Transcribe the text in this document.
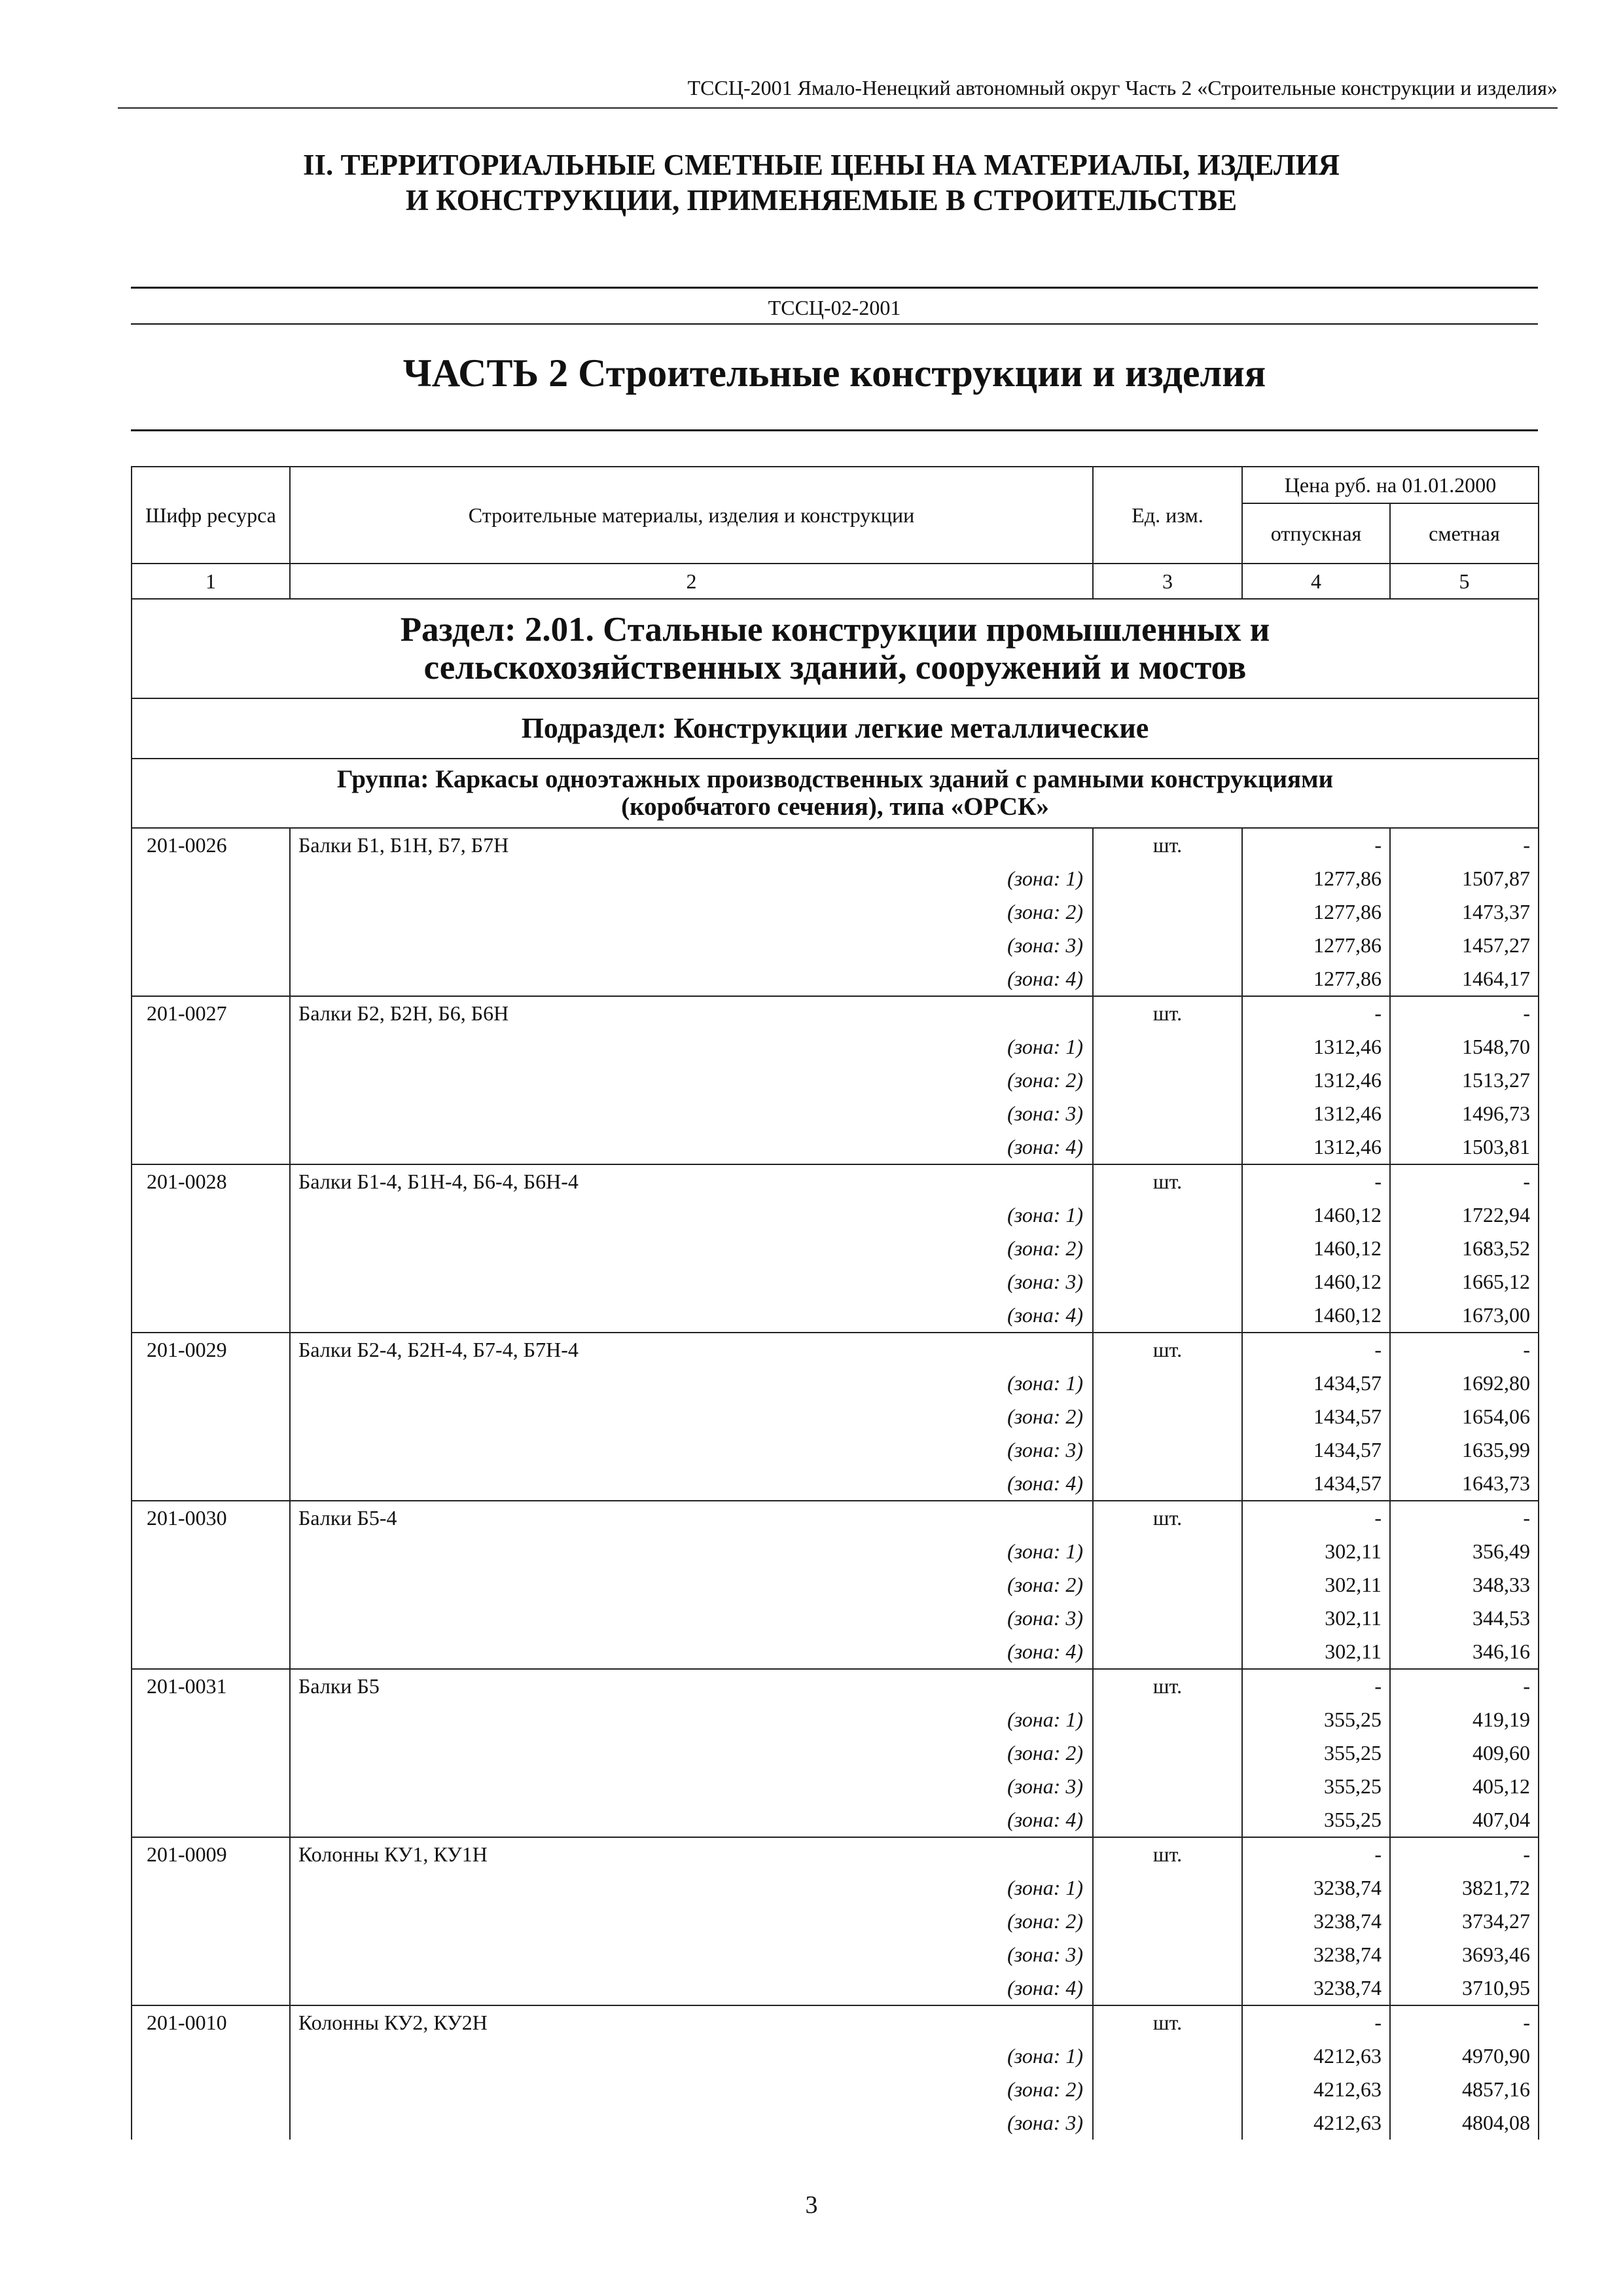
ТССЦ-2001 Ямало-Ненецкий автономный округ Часть 2 «Строительные конструкции и изделия»
II. ТЕРРИТОРИАЛЬНЫЕ СМЕТНЫЕ ЦЕНЫ НА МАТЕРИАЛЫ, ИЗДЕЛИЯ
И КОНСТРУКЦИИ, ПРИМЕНЯЕМЫЕ В СТРОИТЕЛЬСТВЕ
ТССЦ-02-2001
ЧАСТЬ 2 Строительные конструкции и изделия
Шифр ресурса	Строительные материалы, изделия и конструкции	Ед. изм.	Цена руб. на 01.01.2000	
			отпускная	сметная
1	2	3	4	5

Раздел: 2.01. Стальные конструкции промышленных и
сельскохозяйственных зданий, сооружений и мостов				

Подраздел: Конструкции легкие металлические				

Группа: Каркасы одноэтажных производственных зданий с рамными конструкциями
(коробчатого сечения), типа «ОРСК»				

201-0026	Балки Б1, Б1Н, Б7, Б7Н	шт.	-	-
	(зона: 1)		1277,86	1507,87
	(зона: 2)		1277,86	1473,37
	(зона: 3)		1277,86	1457,27
	(зона: 4)		1277,86	1464,17
201-0027	Балки Б2, Б2Н, Б6, Б6Н	шт.	-	-
	(зона: 1)		1312,46	1548,70
	(зона: 2)		1312,46	1513,27
	(зона: 3)		1312,46	1496,73
	(зона: 4)		1312,46	1503,81
201-0028	Балки Б1-4, Б1Н-4, Б6-4, Б6Н-4	шт.	-	-
	(зона: 1)		1460,12	1722,94
	(зона: 2)		1460,12	1683,52
	(зона: 3)		1460,12	1665,12
	(зона: 4)		1460,12	1673,00
201-0029	Балки Б2-4, Б2Н-4, Б7-4, Б7Н-4	шт.	-	-
	(зона: 1)		1434,57	1692,80
	(зона: 2)		1434,57	1654,06
	(зона: 3)		1434,57	1635,99
	(зона: 4)		1434,57	1643,73
201-0030	Балки Б5-4	шт.	-	-
	(зона: 1)		302,11	356,49
	(зона: 2)		302,11	348,33
	(зона: 3)		302,11	344,53
	(зона: 4)		302,11	346,16
201-0031	Балки Б5	шт.	-	-
	(зона: 1)		355,25	419,19
	(зона: 2)		355,25	409,60
	(зона: 3)		355,25	405,12
	(зона: 4)		355,25	407,04
201-0009	Колонны КУ1, КУ1Н	шт.	-	-
	(зона: 1)		3238,74	3821,72
	(зона: 2)		3238,74	3734,27
	(зона: 3)		3238,74	3693,46
	(зона: 4)		3238,74	3710,95
201-0010	Колонны КУ2, КУ2Н	шт.	-	-
	(зона: 1)		4212,63	4970,90
	(зона: 2)		4212,63	4857,16
	(зона: 3)		4212,63	4804,08
3
